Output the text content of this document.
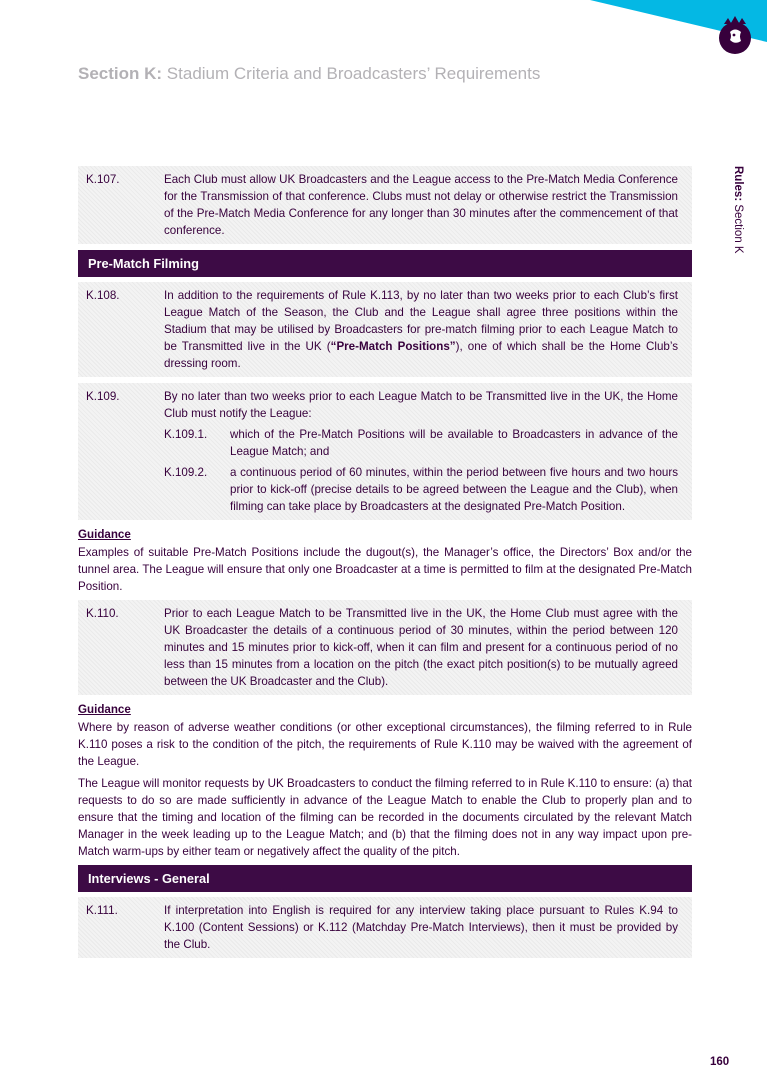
Section K: Stadium Criteria and Broadcasters’ Requirements
Rules: Section K
K.107.	Each Club must allow UK Broadcasters and the League access to the Pre-Match Media Conference for the Transmission of that conference. Clubs must not delay or otherwise restrict the Transmission of the Pre-Match Media Conference for any longer than 30 minutes after the commencement of that conference.
Pre-Match Filming
K.108.	In addition to the requirements of Rule K.113, by no later than two weeks prior to each Club’s first League Match of the Season, the Club and the League shall agree three positions within the Stadium that may be utilised by Broadcasters for pre-match filming prior to each League Match to be Transmitted live in the UK (“Pre-Match Positions”), one of which shall be the Home Club’s dressing room.
K.109.	By no later than two weeks prior to each League Match to be Transmitted live in the UK, the Home Club must notify the League:
K.109.1.	which of the Pre-Match Positions will be available to Broadcasters in advance of the League Match; and
K.109.2.	a continuous period of 60 minutes, within the period between five hours and two hours prior to kick-off (precise details to be agreed between the League and the Club), when filming can take place by Broadcasters at the designated Pre-Match Position.
Guidance

Examples of suitable Pre-Match Positions include the dugout(s), the Manager’s office, the Directors’ Box and/or the tunnel area. The League will ensure that only one Broadcaster at a time is permitted to film at the designated Pre-Match Position.

K.110.	Prior to each League Match to be Transmitted live in the UK, the Home Club must agree with the UK Broadcaster the details of a continuous period of 30 minutes, within the period between 120 minutes and 15 minutes prior to kick-off, when it can film and present for a continuous period of no less than 15 minutes from a location on the pitch (the exact pitch position(s) to be mutually agreed between the UK Broadcaster and the Club).
Guidance

Where by reason of adverse weather conditions (or other exceptional circumstances), the filming referred to in Rule K.110 poses a risk to the condition of the pitch, the requirements of Rule K.110 may be waived with the agreement of the League.

The League will monitor requests by UK Broadcasters to conduct the filming referred to in Rule K.110 to ensure: (a) that requests to do so are made sufficiently in advance of the League Match to enable the Club to properly plan and to ensure that the timing and location of the filming can be recorded in the documents circulated by the relevant Match Manager in the week leading up to the League Match; and (b) that the filming does not in any way impact upon pre-Match warm-ups by either team or negatively affect the quality of the pitch.

Interviews - General
K.111.	If interpretation into English is required for any interview taking place pursuant to Rules K.94 to K.100 (Content Sessions) or K.112 (Matchday Pre-Match Interviews), then it must be provided by the Club.
160
